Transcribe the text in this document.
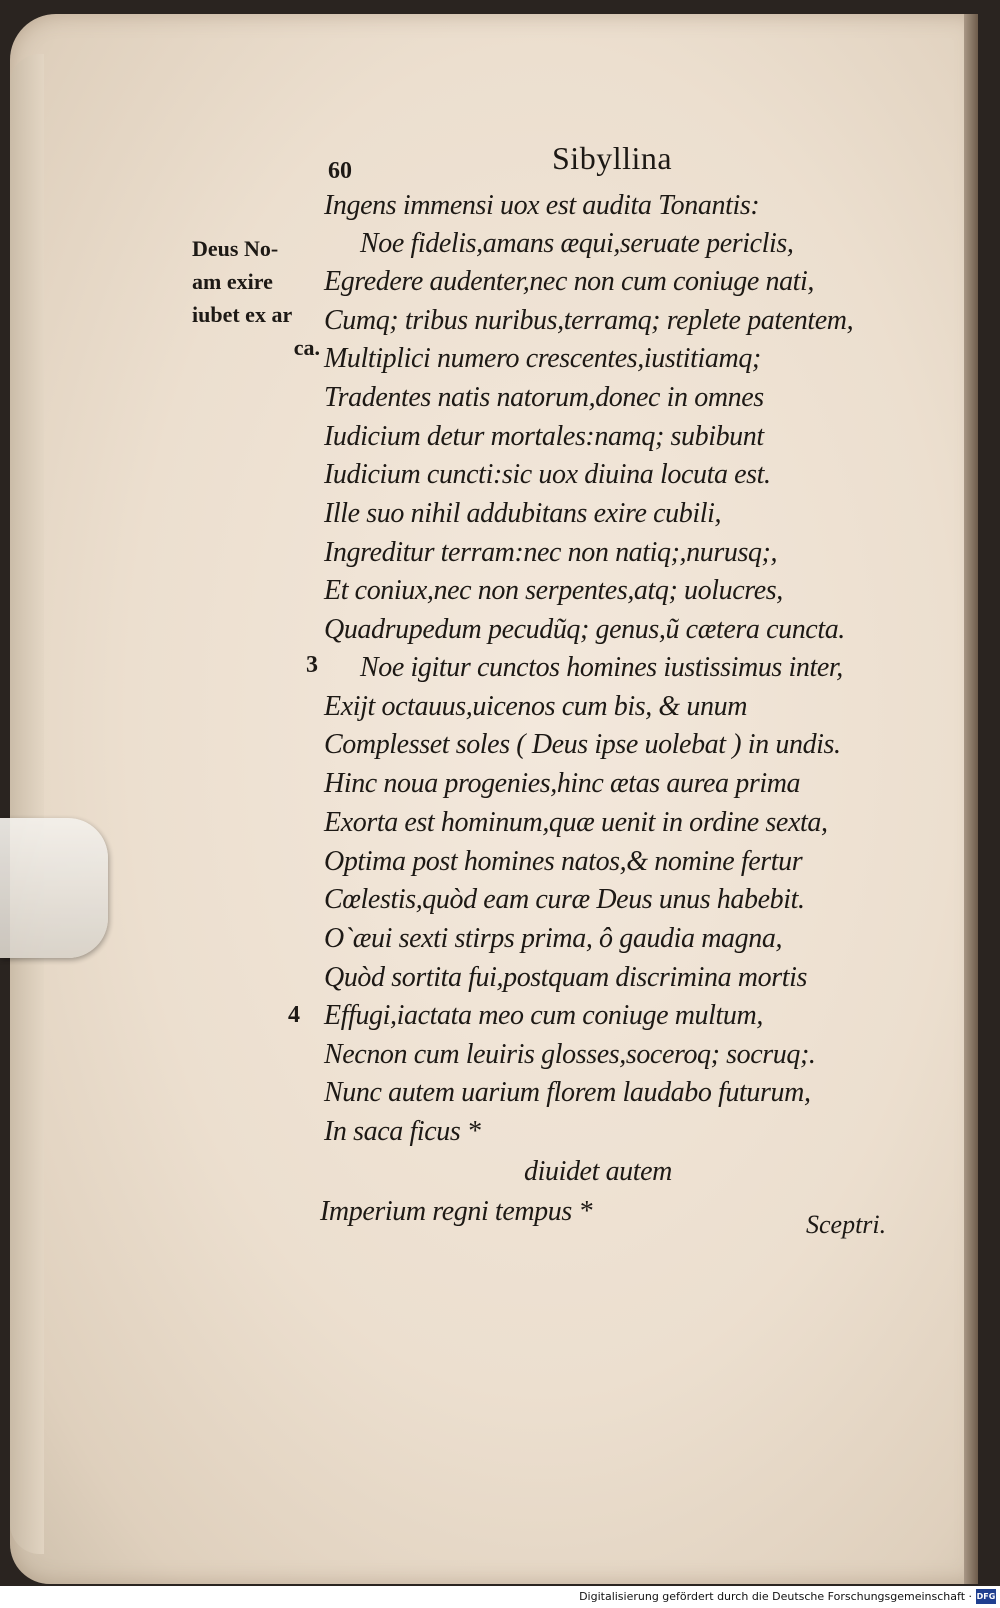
60	Sibyllina
Deus No-
am exire
iubet ex ar
ca.
3
4
Ingens immensi uox est audita Tonantis:
Noe fidelis,amans æqui,seruate periclis,
Egredere audenter,nec non cum coniuge nati,
Cumq; tribus nuribus,terramq; replete patentem,
Multiplici numero crescentes,iustitiamq;
Tradentes natis natorum,donec in omnes
Iudicium detur mortales:namq; subibunt
Iudicium cuncti:sic uox diuina locuta est.
Ille suo nihil addubitans exire cubili,
Ingreditur terram:nec non natiq;,nurusq;,
Et coniux,nec non serpentes,atq; uolucres,
Quadrupedum pecudũq; genus,ũ cætera cuncta.
Noe igitur cunctos homines iustissimus inter,
Exijt octauus,uicenos cum bis, & unum
Complesset soles ( Deus ipse uolebat ) in undis.
Hinc noua progenies,hinc ætas aurea prima
Exorta est hominum,quæ uenit in ordine sexta,
Optima post homines natos,& nomine fertur
Cœlestis,quòd eam curæ Deus unus habebit.
O`æui sexti stirps prima, ô gaudia magna,
Quòd sortita fui,postquam discrimina mortis
Effugi,iactata meo cum coniuge multum,
Necnon cum leuiris glosses,soceroq; socruq;.
Nunc autem uarium florem laudabo futurum,
In saca ficus *
diuidet autem
Imperium regni tempus *	Sceptri.
Digitalisierung gefördert durch die Deutsche Forschungsgemeinschaft · DFG
